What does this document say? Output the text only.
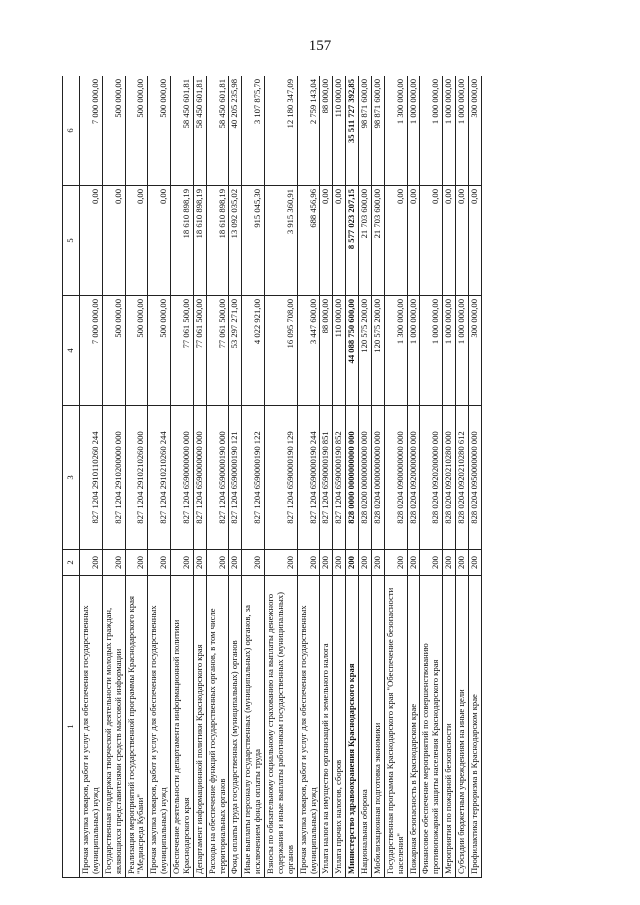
157
1	2	3	4	5	6
Прочая закупка товаров, работ и услуг для обеспечения государственных (муниципальных) нужд	200	827 1204 2910110260 244	7 000 000,00	0,00	7 000 000,00
Государственная поддержка творческой деятельности молодых граждан, являющихся представителями средств массовой информации	200	827 1204 2910200000 000	500 000,00	0,00	500 000,00
Реализация мероприятий государственной программы Краснодарского края "Медиасреда Кубани"	200	827 1204 2910210260 000	500 000,00	0,00	500 000,00
Прочая закупка товаров, работ и услуг для обеспечения государственных (муниципальных) нужд	200	827 1204 2910210260 244	500 000,00	0,00	500 000,00
Обеспечение деятельности департамента информационной политики Краснодарского края	200	827 1204 6590000000 000	77 061 500,00	18 610 898,19	58 450 601,81
Департамент информационной политики Краснодарского края	200	827 1204 6590000000 000	77 061 500,00	18 610 898,19	58 450 601,81
Расходы на обеспечение функций государственных органов, в том числе территориальных органов	200	827 1204 6590000190 000	77 061 500,00	18 610 898,19	58 450 601,81
Фонд оплаты труда государственных (муниципальных) органов	200	827 1204 6590000190 121	53 297 271,00	13 092 035,02	40 205 235,98
Иные выплаты персоналу государственных (муниципальных) органов, за исключением фонда оплаты труда	200	827 1204 6590000190 122	4 022 921,00	915 045,30	3 107 875,70
Взносы по обязательному социальному страхованию на выплаты денежного содержания и иные выплаты работникам государственных (муниципальных) органов	200	827 1204 6590000190 129	16 095 708,00	3 915 360,91	12 180 347,09
Прочая закупка товаров, работ и услуг для обеспечения государственных (муниципальных) нужд	200	827 1204 6590000190 244	3 447 600,00	688 456,96	2 759 143,04
Уплата налога на имущество организаций и земельного налога	200	827 1204 6590000190 851	88 000,00	0,00	88 000,00
Уплата прочих налогов, сборов	200	827 1204 6590000190 852	110 000,00	0,00	110 000,00
Министерство здравоохранения Краснодарского края	200	828 0000 0000000000 000	44 088 750 600,00	8 577 023 207,15	35 511 727 392,85
Национальная оборона	200	828 0200 0000000000 000	120 575 200,00	21 703 600,00	98 871 600,00
Мобилизационная подготовка экономики	200	828 0204 0000000000 000	120 575 200,00	21 703 600,00	98 871 600,00
Государственная программа Краснодарского края "Обеспечение безопасности населения"	200	828 0204 0900000000 000	1 300 000,00	0,00	1 300 000,00
Пожарная безопасность в Краснодарском крае	200	828 0204 0920000000 000	1 000 000,00	0,00	1 000 000,00
Финансовое обеспечение мероприятий по совершенствованию противопожарной защиты населения Краснодарского края	200	828 0204 0920200000 000	1 000 000,00	0,00	1 000 000,00
Мероприятия по пожарной безопасности	200	828 0204 0920210280 000	1 000 000,00	0,00	1 000 000,00
Субсидии бюджетным учреждениям на иные цели	200	828 0204 0920210280 612	1 000 000,00	0,00	1 000 000,00
Профилактика терроризма в Краснодарском крае	200	828 0204 0950000000 000	300 000,00	0,00	300 000,00
